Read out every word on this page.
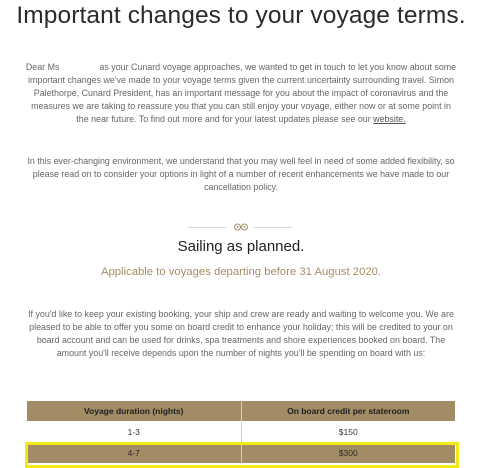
Important changes to your voyage terms.
Dear Ms	as your Cunard voyage approaches, we wanted to get in touch to let you know about some important changes we've made to your voyage terms given the current uncertainty surrounding travel. Simon Palethorpe, Cunard President, has an important message for you about the impact of coronavirus and the measures we are taking to reassure you that you can still enjoy your voyage, either now or at some point in the near future. To find out more and for your latest updates please see our website.
In this ever-changing environment, we understand that you may well feel in need of some added flexibility, so please read on to consider your options in light of a number of recent enhancements we have made to our cancellation policy.
Sailing as planned.
Applicable to voyages departing before 31 August 2020.
If you'd like to keep your existing booking, your ship and crew are ready and waiting to welcome you. We are pleased to be able to offer you some on board credit to enhance your holiday; this will be credited to your on board account and can be used for drinks, spa treatments and shore experiences booked on board. The amount you'll receive depends upon the number of nights you'll be spending on board with us:
Voyage duration (nights)	On board credit per stateroom
1-3	$150
4-7	$300
